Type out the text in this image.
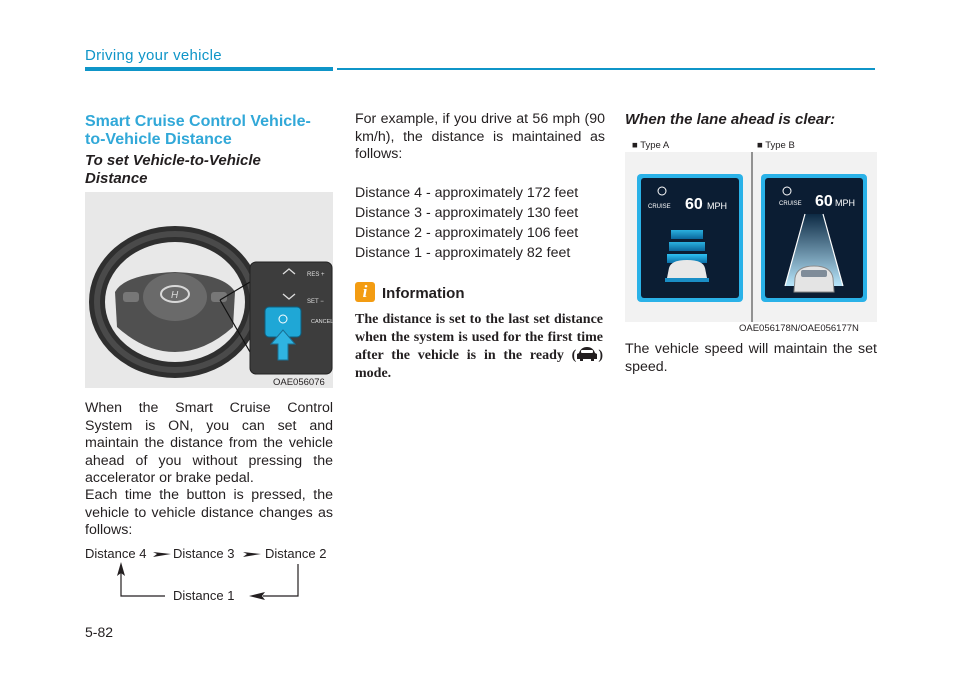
Driving your vehicle
Smart Cruise Control Vehicle-
to-Vehicle Distance
To set Vehicle-to-Vehicle
Distance
H
RES +
SET −
CANCEL
OAE056076

When the Smart Cruise Control System is ON, you can set and maintain the distance from the vehicle ahead of you without pressing the accelerator or brake pedal.

Each time the button is pressed, the vehicle to vehicle distance changes as follows:

Distance 4 Distance 3 Distance 2
Distance 1

For example, if you drive at 56 mph (90 km/h), the distance is maintained as follows:

Distance 4 - approximately 172 feet

Distance 3 - approximately 130 feet

Distance 2 - approximately 106 feet

Distance 1 - approximately 82 feet

i Information
The distance is set to the last set distance when the system is used for the first time after the vehicle is in the ready ( ) mode.
When the lane ahead is clear:
■ Type A	■ Type B
CRUISE 60 MPH	CRUISE 60 MPH
OAE056178N/OAE056177N

The vehicle speed will maintain the set speed.

5-82
